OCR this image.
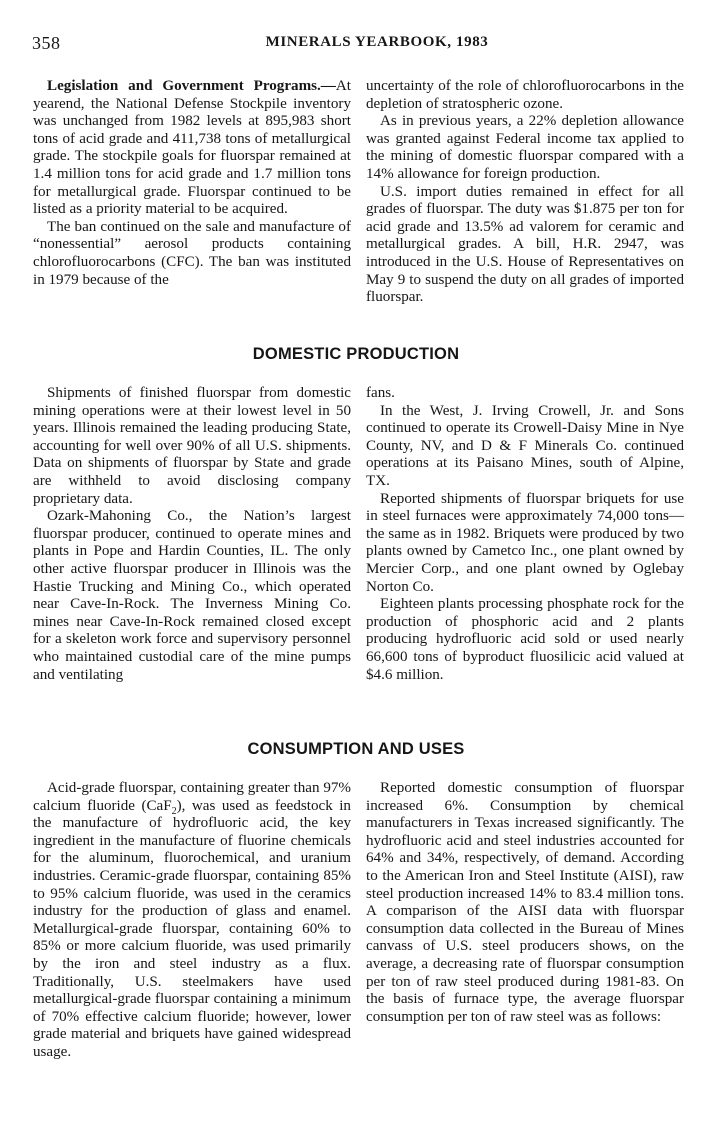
358	MINERALS YEARBOOK, 1983

Legislation and Government Programs.—At yearend, the National Defense Stockpile inventory was unchanged from 1982 levels at 895,983 short tons of acid grade and 411,738 tons of metallurgical grade. The stockpile goals for fluorspar remained at 1.4 million tons for acid grade and 1.7 million tons for metallurgical grade. Fluorspar continued to be listed as a priority material to be acquired.

The ban continued on the sale and manufacture of “nonessential” aerosol products containing chlorofluorocarbons (CFC). The ban was instituted in 1979 because of the

uncertainty of the role of chlorofluorocarbons in the depletion of stratospheric ozone.

As in previous years, a 22% depletion allowance was granted against Federal income tax applied to the mining of domestic fluorspar compared with a 14% allowance for foreign production.

U.S. import duties remained in effect for all grades of fluorspar. The duty was $1.875 per ton for acid grade and 13.5% ad valorem for ceramic and metallurgical grades. A bill, H.R. 2947, was introduced in the U.S. House of Representatives on May 9 to suspend the duty on all grades of imported fluorspar.

DOMESTIC PRODUCTION

Shipments of finished fluorspar from domestic mining operations were at their lowest level in 50 years. Illinois remained the leading producing State, accounting for well over 90% of all U.S. shipments. Data on shipments of fluorspar by State and grade are withheld to avoid disclosing company proprietary data.

Ozark-Mahoning Co., the Nation’s largest fluorspar producer, continued to operate mines and plants in Pope and Hardin Counties, IL. The only other active fluorspar producer in Illinois was the Hastie Trucking and Mining Co., which operated near Cave-In-Rock. The Inverness Mining Co. mines near Cave-In-Rock remained closed except for a skeleton work force and supervisory personnel who maintained custodial care of the mine pumps and ventilating

fans.

In the West, J. Irving Crowell, Jr. and Sons continued to operate its Crowell-Daisy Mine in Nye County, NV, and D & F Minerals Co. continued operations at its Paisano Mines, south of Alpine, TX.

Reported shipments of fluorspar briquets for use in steel furnaces were approximately 74,000 tons—the same as in 1982. Briquets were produced by two plants owned by Cametco Inc., one plant owned by Mercier Corp., and one plant owned by Oglebay Norton Co.

Eighteen plants processing phosphate rock for the production of phosphoric acid and 2 plants producing hydrofluoric acid sold or used nearly 66,600 tons of byproduct fluosilicic acid valued at $4.6 million.

CONSUMPTION AND USES

Acid-grade fluorspar, containing greater than 97% calcium fluoride (CaF$_2$), was used as feedstock in the manufacture of hydrofluoric acid, the key ingredient in the manufacture of fluorine chemicals for the aluminum, fluorochemical, and uranium industries. Ceramic-grade fluorspar, containing 85% to 95% calcium fluoride, was used in the ceramics industry for the production of glass and enamel. Metallurgical-grade fluorspar, containing 60% to 85% or more calcium fluoride, was used primarily by the iron and steel industry as a flux. Traditionally, U.S. steelmakers have used metallurgical-grade fluorspar containing a minimum of 70% effective calcium fluoride; however, lower grade material and briquets have gained widespread usage.

Reported domestic consumption of fluorspar increased 6%. Consumption by chemical manufacturers in Texas increased significantly. The hydrofluoric acid and steel industries accounted for 64% and 34%, respectively, of demand. According to the American Iron and Steel Institute (AISI), raw steel production increased 14% to 83.4 million tons. A comparison of the AISI data with fluorspar consumption data collected in the Bureau of Mines canvass of U.S. steel producers shows, on the average, a decreasing rate of fluorspar consumption per ton of raw steel produced during 1981-83. On the basis of furnace type, the average fluorspar consumption per ton of raw steel was as follows:
